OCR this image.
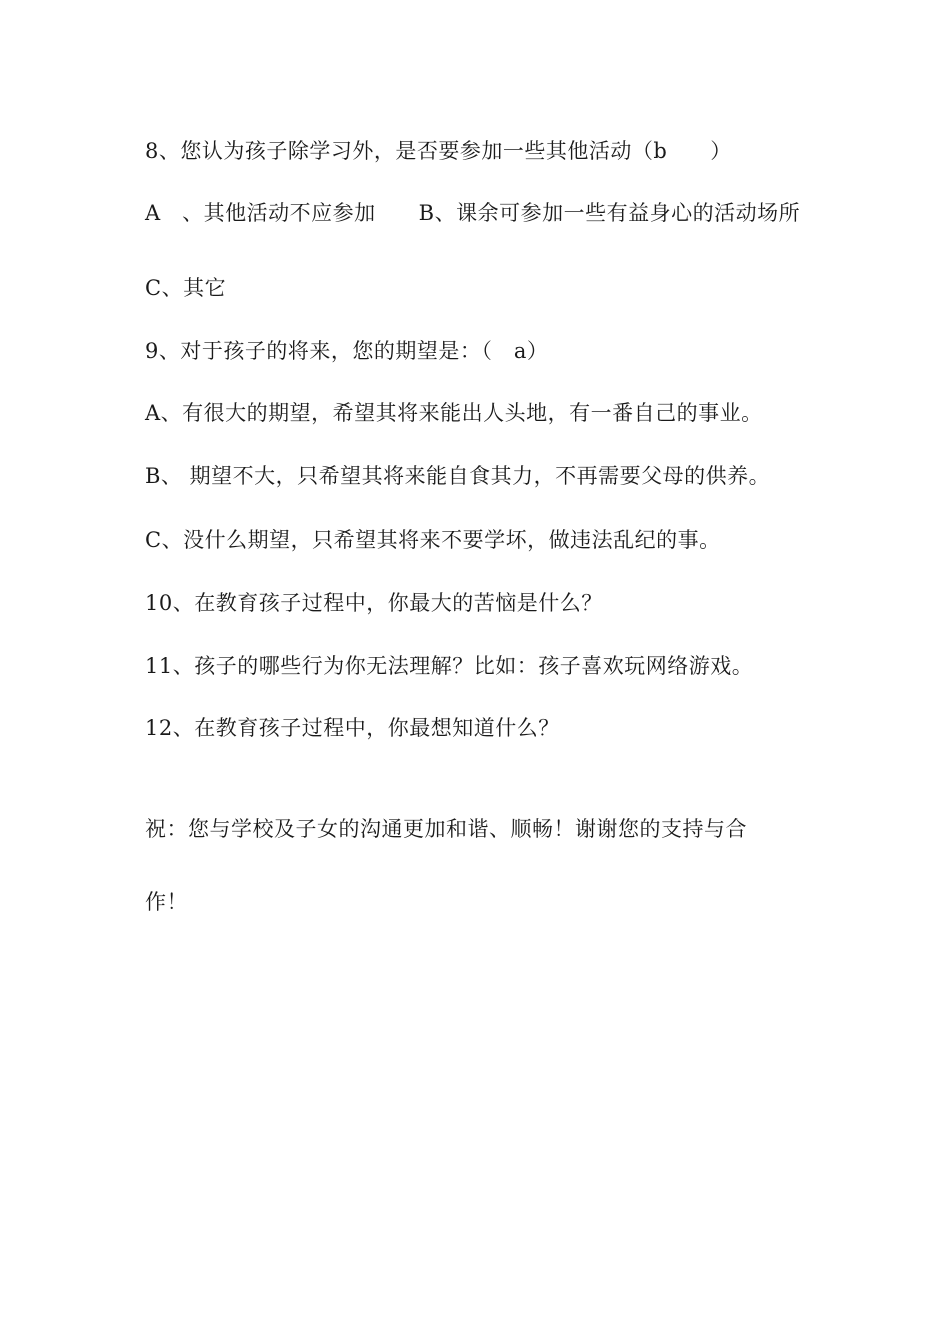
8、您认为孩子除学习外，是否要参加一些其他活动（b　　）
A　、其他活动不应参加　　B、课余可参加一些有益身心的活动场所
C、其它
9、对于孩子的将来，您的期望是：（　a）
A、有很大的期望，希望其将来能出人头地，有一番自己的事业。
B、 期望不大，只希望其将来能自食其力，不再需要父母的供养。
C、没什么期望，只希望其将来不要学坏，做违法乱纪的事。
10、在教育孩子过程中，你最大的苦恼是什么？
11、孩子的哪些行为你无法理解？比如：孩子喜欢玩网络游戏。
12、在教育孩子过程中，你最想知道什么？
祝：您与学校及子女的沟通更加和谐、顺畅！谢谢您的支持与合
作！
